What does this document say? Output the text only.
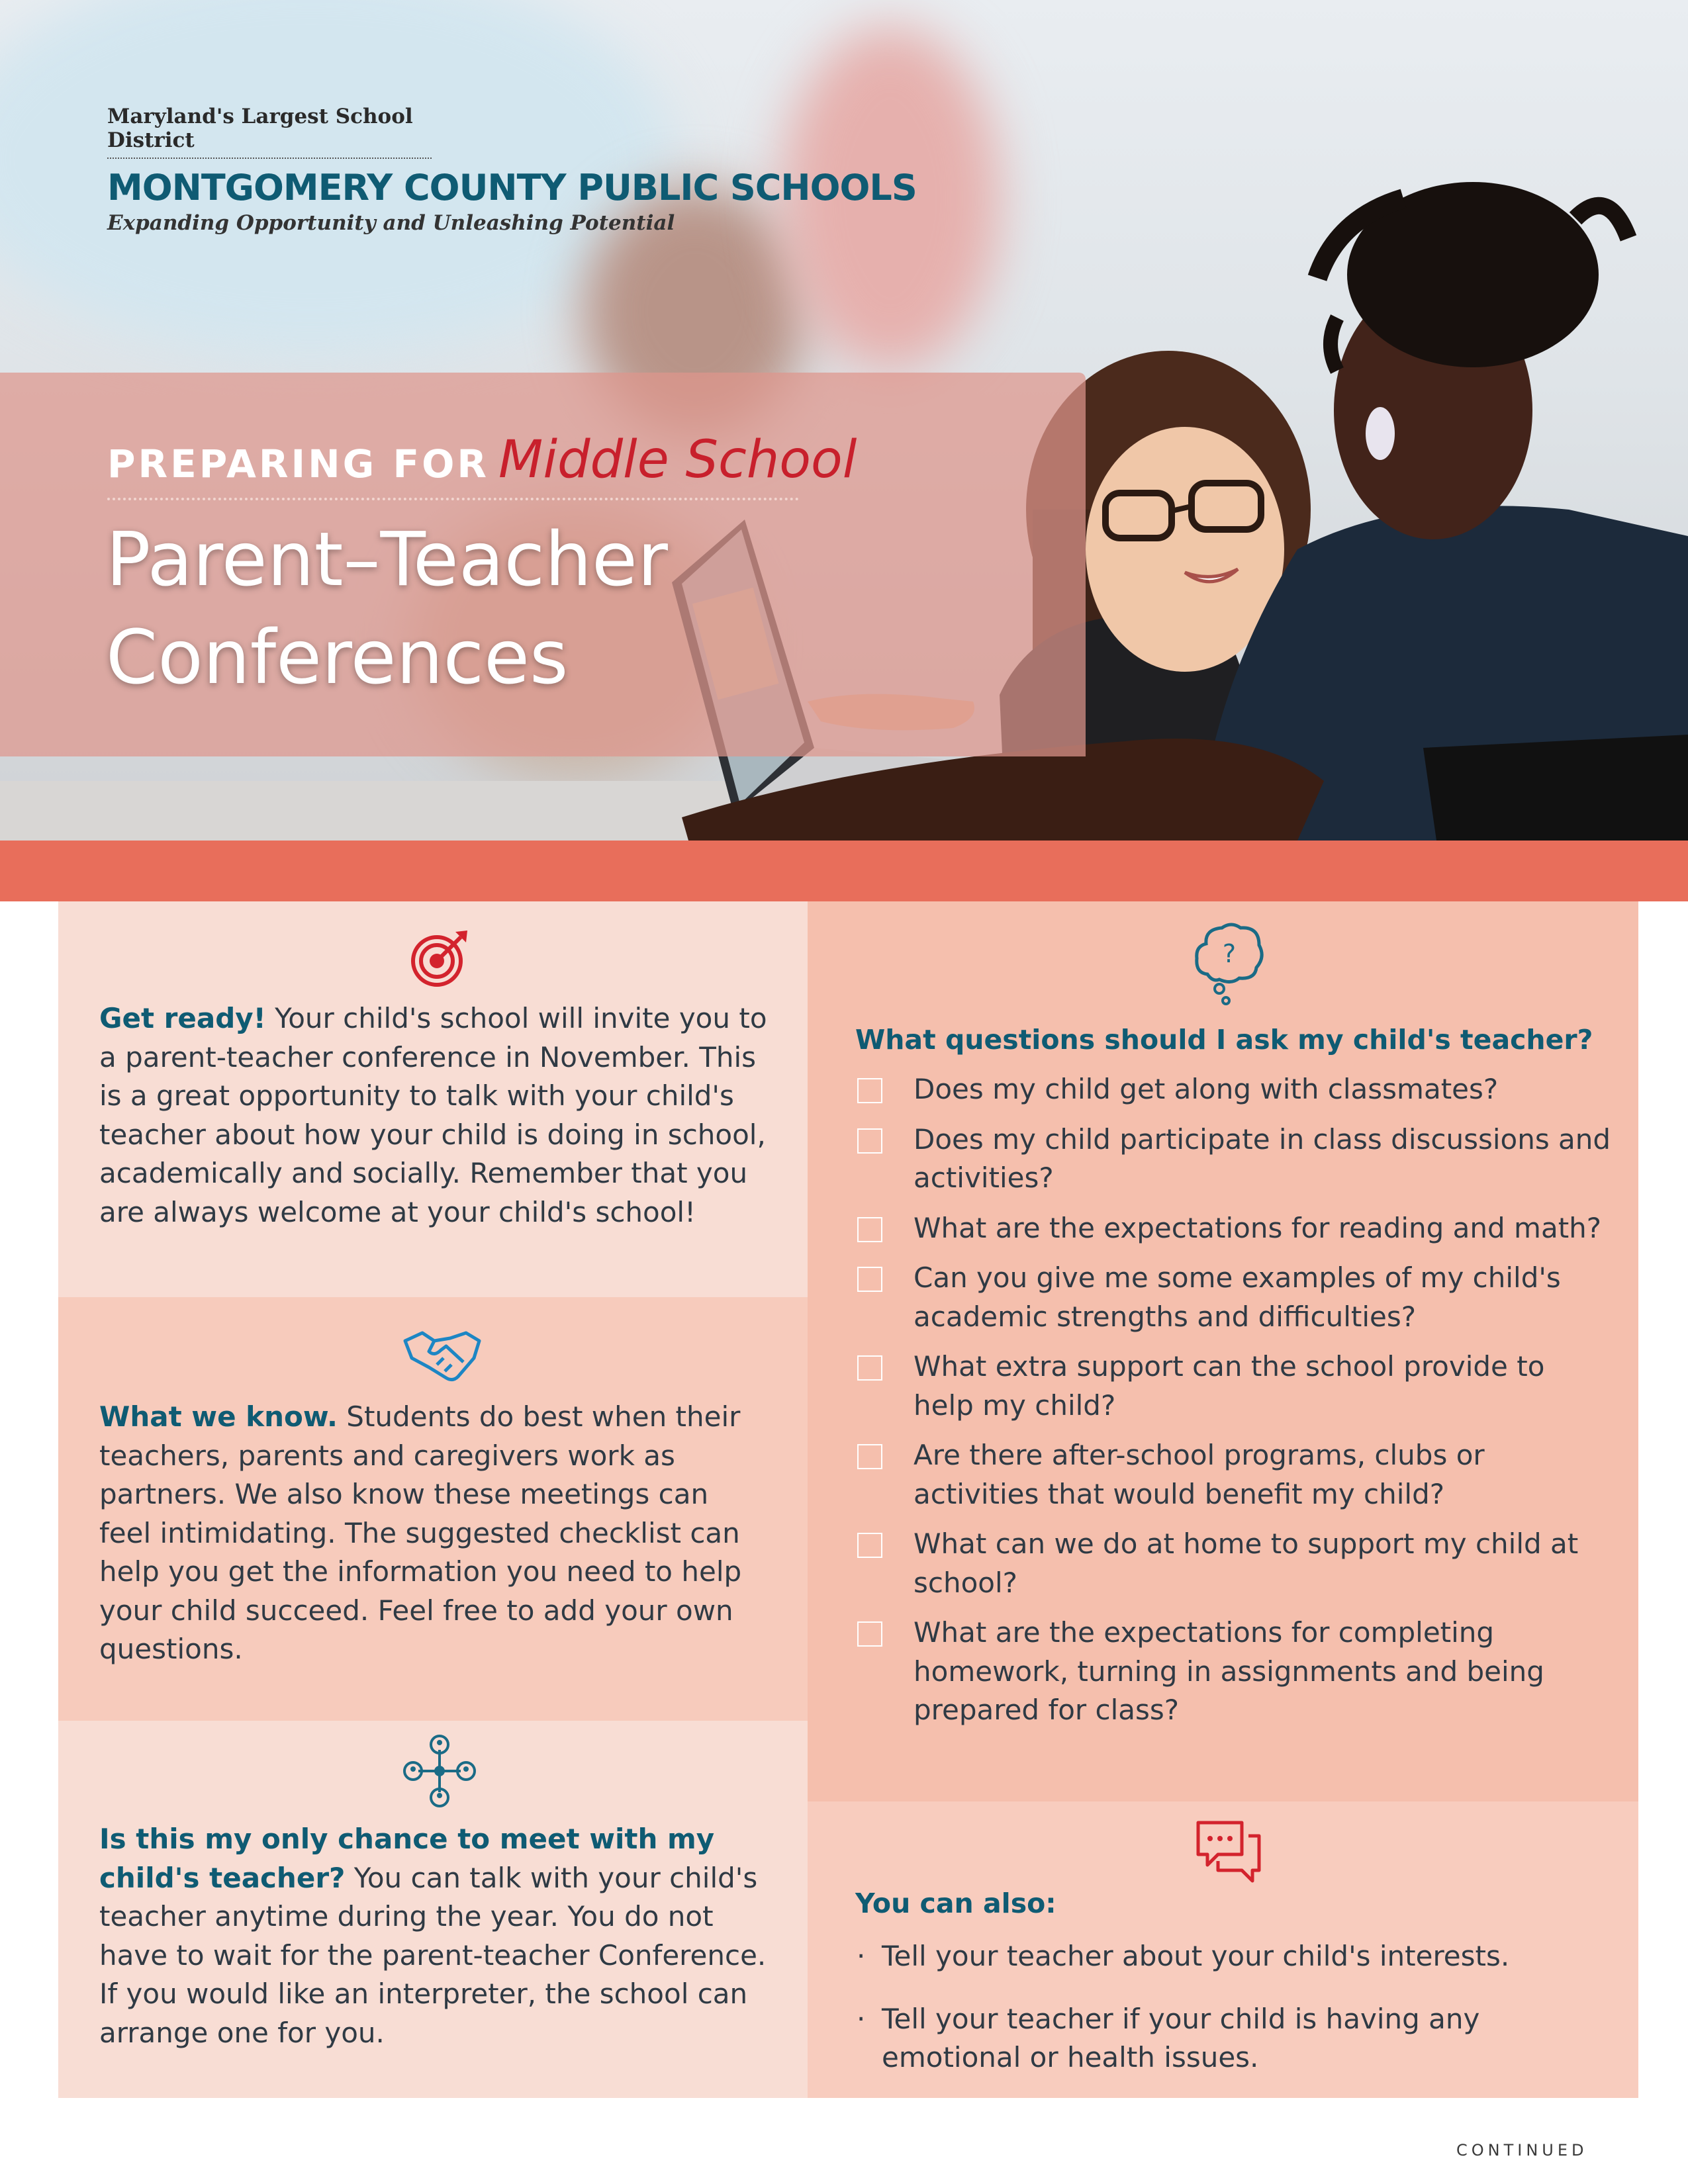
Maryland's Largest School District
MONTGOMERY COUNTY PUBLIC SCHOOLS
Expanding Opportunity and Unleashing Potential
PREPARING FOR Middle School
Parent–Teacher
Conferences
Get ready! Your child's school will invite you to a parent-teacher conference in November. This is a great opportunity to talk with your child's teacher about how your child is doing in school, academically and socially. Remember that you are always welcome at your child's school!
What we know. Students do best when their teachers, parents and caregivers work as partners. We also know these meetings can feel intimidating. The suggested checklist can help you get the information you need to help your child succeed. Feel free to add your own questions.
Is this my only chance to meet with my child's teacher? You can talk with your child's teacher anytime during the year. You do not have to wait for the parent-teacher Conference. If you would like an interpreter, the school can arrange one for you.
?
What questions should I ask my child's teacher?
Does my child get along with classmates?
Does my child participate in class discussions and activities?
What are the expectations for reading and math?
Can you give me some examples of my child's academic strengths and difficulties?
What extra support can the school provide to help my child?
Are there after-school programs, clubs or activities that would benefit my child?
What can we do at home to support my child at school?
What are the expectations for completing homework, turning in assignments and being prepared for class?
You can also:
· Tell your teacher about your child's interests.
· Tell your teacher if your child is having any emotional or health issues.
CONTINUED
